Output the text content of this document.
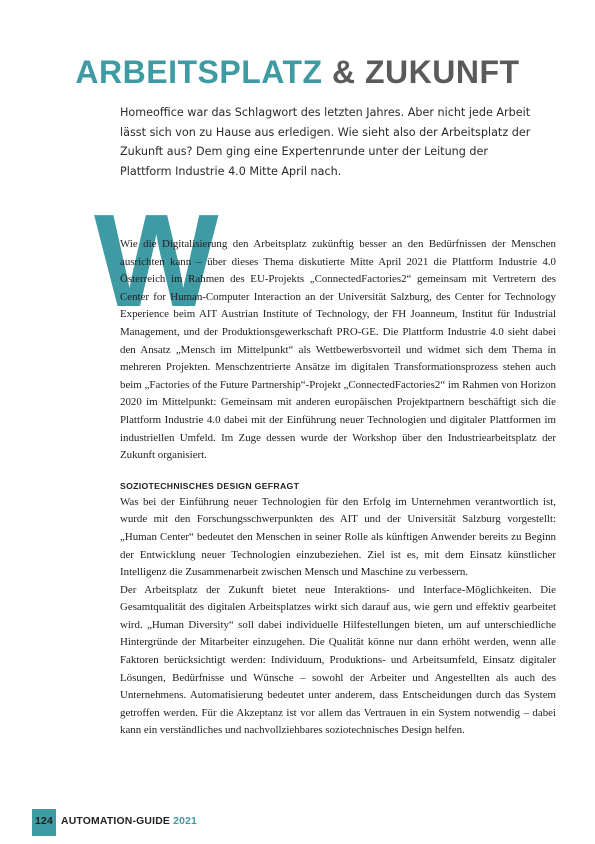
ARBEITSPLATZ & ZUKUNFT

Homeoffice war das Schlagwort des letzten Jahres. Aber nicht jede Arbeit lässt sich von zu Hause aus erledigen. Wie sieht also der Arbeitsplatz der Zukunft aus? Dem ging eine Expertenrunde unter der Leitung der Plattform Industrie 4.0 Mitte April nach.

W

Wie die Digitalisierung den Arbeitsplatz zukünftig besser an den Bedürfnissen der Menschen ausrichten kann – über dieses Thema diskutierte Mitte April 2021 die Plattform Industrie 4.0 Österreich im Rahmen des EU-Projekts „ConnectedFactories2“ gemeinsam mit Vertretern des Center for Human-Computer Interaction an der Universität Salzburg, des Center for Technology Experience beim AIT Austrian Institute of Technology, der FH Joanneum, Institut für Industrial Management, und der Produktionsgewerkschaft PRO-GE. Die Plattform Industrie 4.0 sieht dabei den Ansatz „Mensch im Mittelpunkt“ als Wettbewerbsvorteil und widmet sich dem Thema in mehreren Projekten. Menschzentrierte Ansätze im digitalen Transformationsprozess stehen auch beim „Factories of the Future Partnership“-Projekt „ConnectedFactories2“ im Rahmen von Horizon 2020 im Mittelpunkt: Gemeinsam mit anderen europäischen Projektpartnern beschäftigt sich die Plattform Industrie 4.0 dabei mit der Einführung neuer Technologien und digitaler Plattformen im industriellen Umfeld. Im Zuge dessen wurde der Workshop über den Industriearbeitsplatz der Zukunft organisiert.

SOZIOTECHNISCHES DESIGN GEFRAGT

Was bei der Einführung neuer Technologien für den Erfolg im Unternehmen verantwortlich ist, wurde mit den Forschungsschwerpunkten des AIT und der Universität Salzburg vorgestellt: „Human Center“ bedeutet den Menschen in seiner Rolle als künftigen Anwender bereits zu Beginn der Entwicklung neuer Technologien einzubeziehen. Ziel ist es, mit dem Einsatz künstlicher Intelligenz die Zusammenarbeit zwischen Mensch und Maschine zu verbessern.

Der Arbeitsplatz der Zukunft bietet neue Interaktions- und Interface-Möglichkeiten. Die Gesamtqualität des digitalen Arbeitsplatzes wirkt sich darauf aus, wie gern und effektiv gearbeitet wird. „Human Diversity“ soll dabei individuelle Hilfestellungen bieten, um auf unterschiedliche Hintergründe der Mitarbeiter einzugehen. Die Qualität könne nur dann erhöht werden, wenn alle Faktoren berücksichtigt werden: Individuum, Produktions- und Arbeitsumfeld, Einsatz digitaler Lösungen, Bedürfnisse und Wünsche – sowohl der Arbeiter und Angestellten als auch des Unternehmens. Automatisierung bedeutet unter anderem, dass Entscheidungen durch das System getroffen werden. Für die Akzeptanz ist vor allem das Vertrauen in ein System notwendig – dabei kann ein verständliches und nachvollziehbares soziotechnisches Design helfen.

124 AUTOMATION-GUIDE 2021
